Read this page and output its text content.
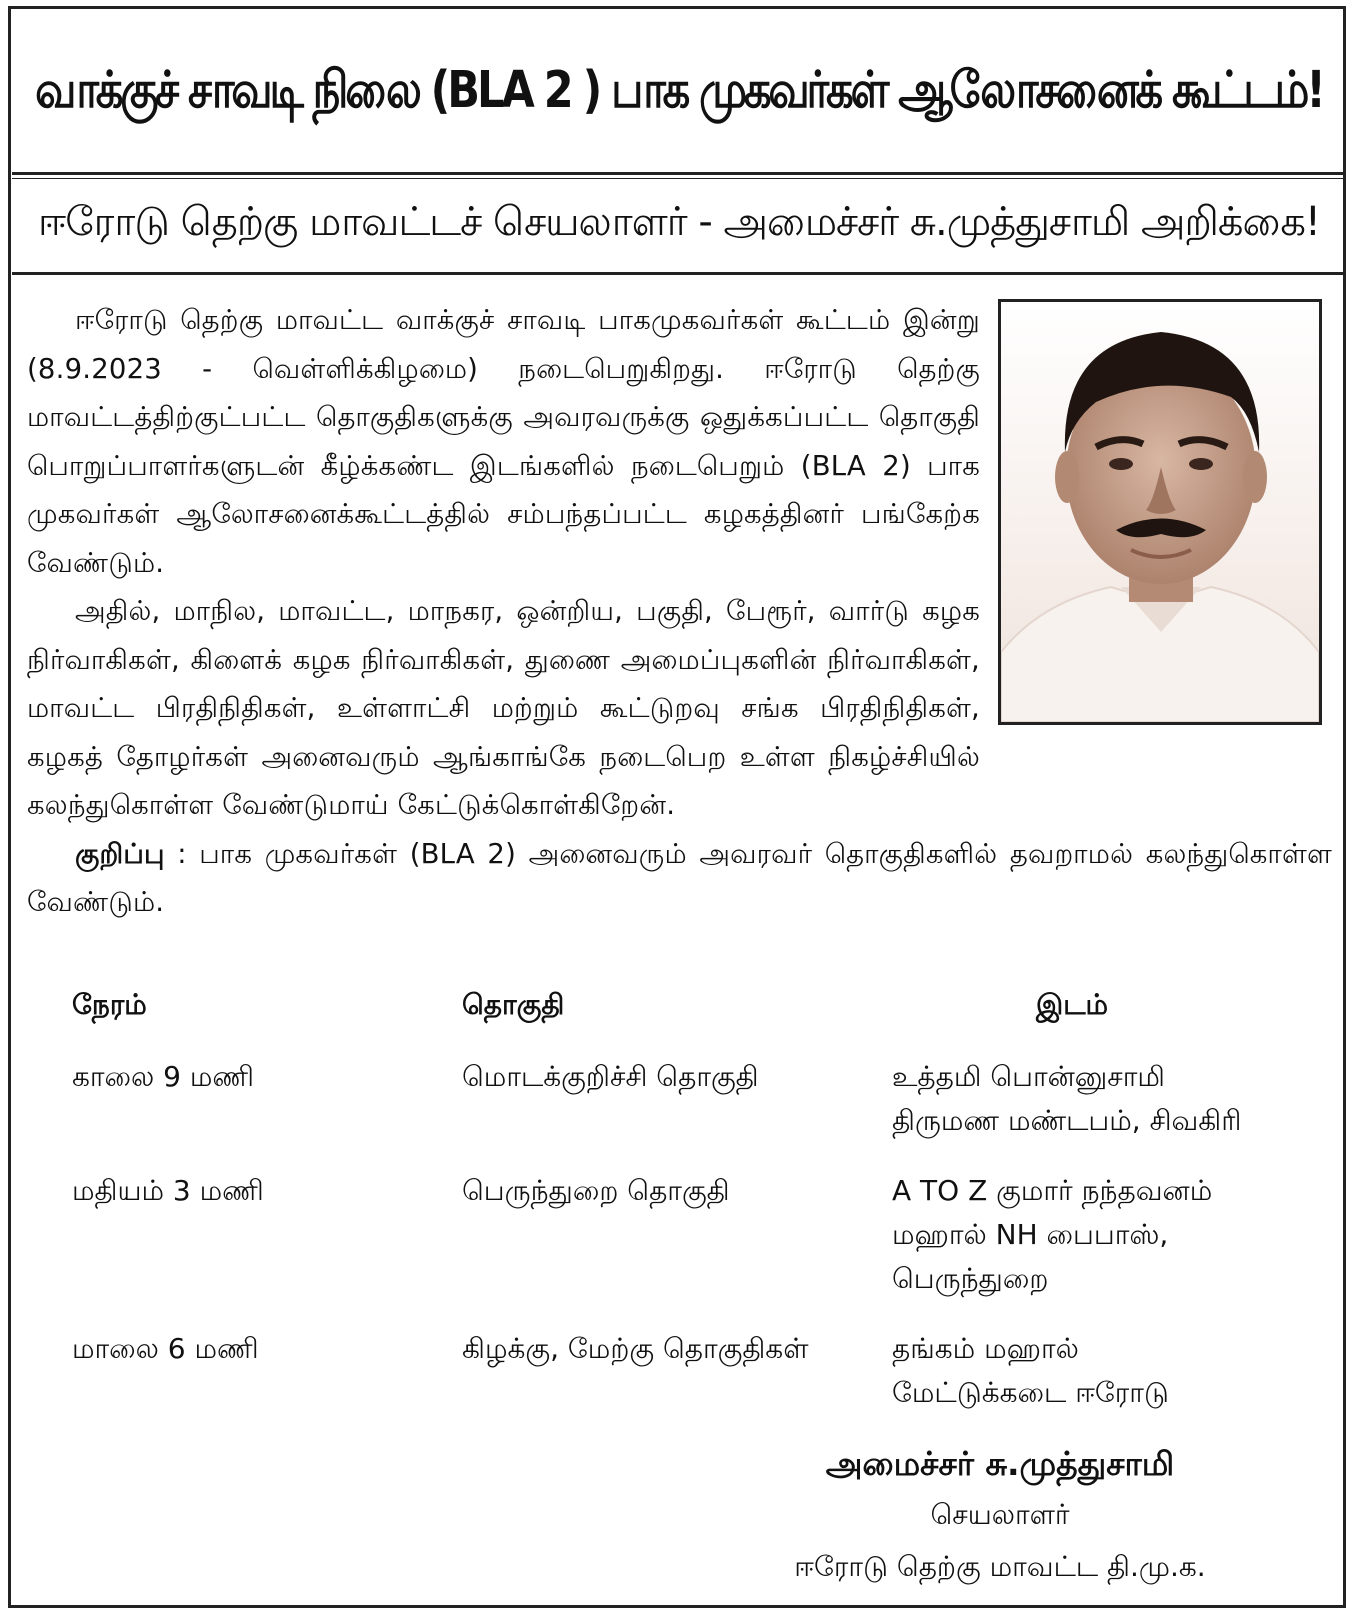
வாக்குச் சாவடி நிலை (BLA 2 ) பாக முகவர்கள் ஆலோசனைக் கூட்டம்!
ஈரோடு தெற்கு மாவட்டச் செயலாளர் - அமைச்சர் சு.முத்துசாமி அறிக்கை!

ஈரோடு தெற்கு மாவட்ட வாக்குச் சாவடி பாகமுகவர்கள் கூட்டம் இன்று (8.9.2023 - வெள்ளிக்கிழமை) நடைபெறுகிறது. ஈரோடு தெற்கு மாவட்டத்திற்குட்பட்ட தொகுதிகளுக்கு அவரவருக்கு ஒதுக்கப்பட்ட தொகுதி பொறுப்பாளர்களுடன் கீழ்க்கண்ட இடங்களில் நடைபெறும் (BLA 2) பாக முகவர்கள் ஆலோசனைக்கூட்டத்தில் சம்பந்தப்பட்ட கழகத்தினர் பங்கேற்க வேண்டும்.

அதில், மாநில, மாவட்ட, மாநகர, ஒன்றிய, பகுதி, பேரூர், வார்டு கழக நிர்வாகிகள், கிளைக் கழக நிர்வாகிகள், துணை அமைப்புகளின் நிர்வாகிகள், மாவட்ட பிரதிநிதிகள், உள்ளாட்சி மற்றும் கூட்டுறவு சங்க பிரதிநிதிகள், கழகத் தோழர்கள் அனைவரும் ஆங்காங்கே நடைபெற உள்ள நிகழ்ச்சியில் கலந்துகொள்ள வேண்டுமாய் கேட்டுக்கொள்கிறேன்.

குறிப்பு : பாக முகவர்கள் (BLA 2) அனைவரும் அவரவர் தொகுதிகளில் தவறாமல் கலந்துகொள்ள வேண்டும்.

நேரம்	தொகுதி	இடம்
காலை 9 மணி	மொடக்குறிச்சி தொகுதி	உத்தமி பொன்னுசாமி
திருமண மண்டபம், சிவகிரி
மதியம் 3 மணி	பெருந்துறை தொகுதி	A TO Z குமார் நந்தவனம்
மஹால் NH பைபாஸ்,
பெருந்துறை
மாலை 6 மணி	கிழக்கு, மேற்கு தொகுதிகள்	தங்கம் மஹால்
மேட்டுக்கடை ஈரோடு
அமைச்சர் சு.முத்துசாமி
செயலாளர்
ஈரோடு தெற்கு மாவட்ட தி.மு.க.
